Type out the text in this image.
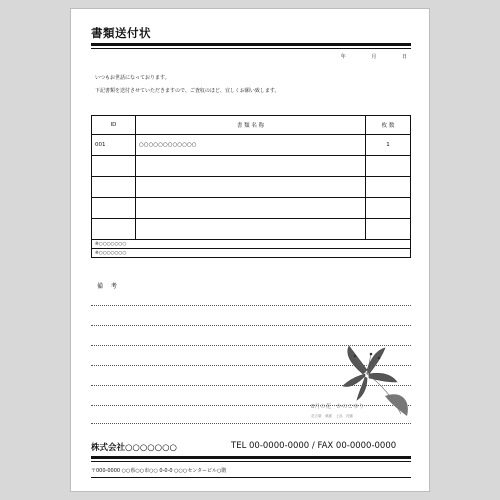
書類送付状
年	月	日
いつもお世話になっております。
下記書類を送付させていただきますので、ご査収のほど、宜しくお願い致します。
ID	書 類 名 称	枚 数
001	○○○○○○○○○○○○	1

※○○○○○○○		
※○○○○○○○		
備 考
8月の花　かのこゆり
花言葉　威厳　上品　荘厳
株式会社○○○○○○○	TEL 00-0000-0000 / FAX 00-0000-0000
〒000-0000 ○○県○○市○○ 0-0-0 ○○○センタービル○階
